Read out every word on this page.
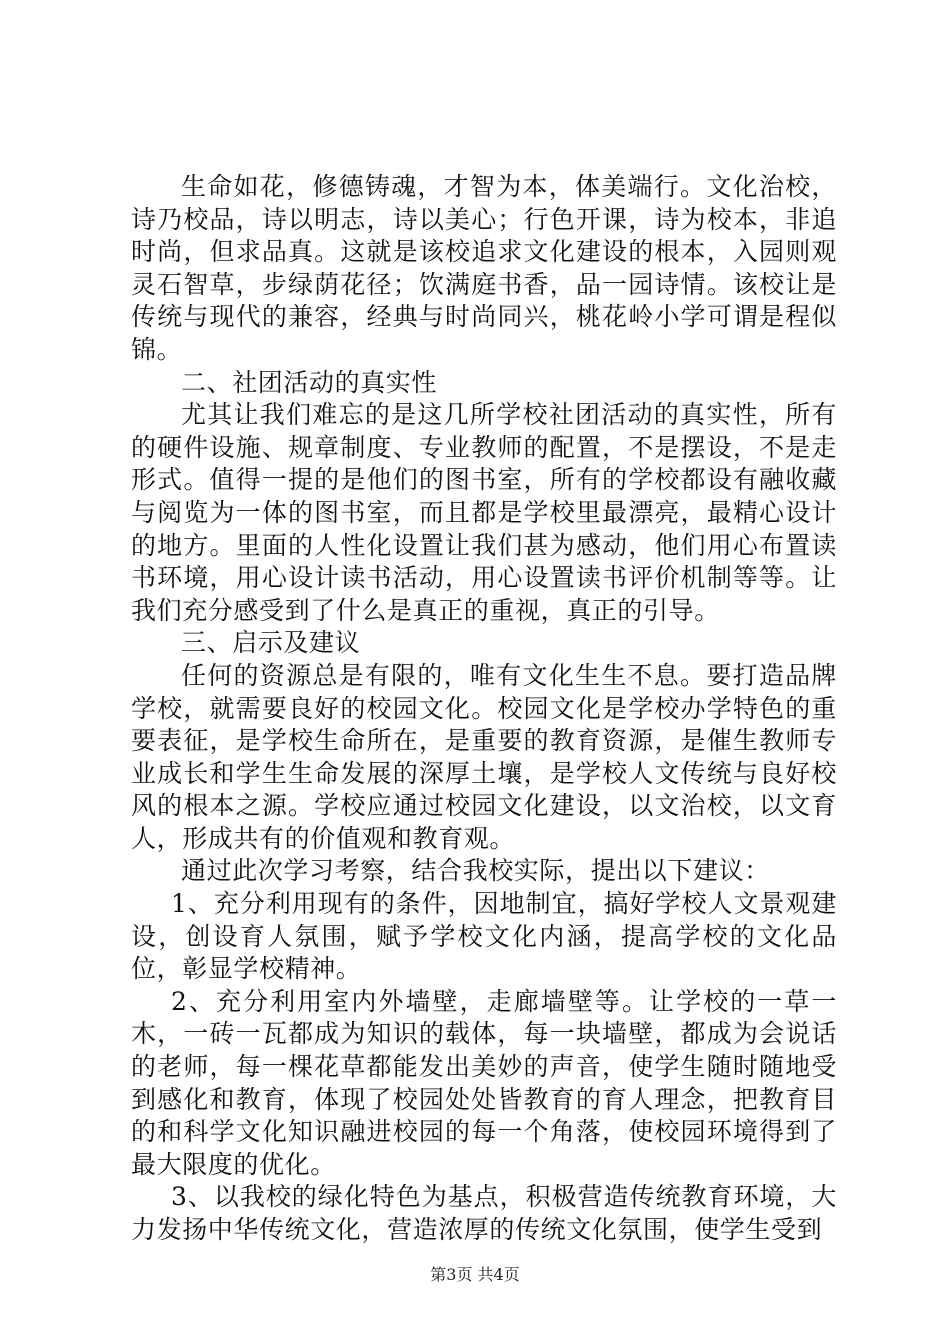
生命如花，修德铸魂，才智为本，体美端行。文化治校，诗乃校品，诗以明志，诗以美心；行色开课，诗为校本，非追时尚，但求品真。这就是该校追求文化建设的根本，入园则观灵石智草，步绿荫花径；饮满庭书香，品一园诗情。该校让是传统与现代的兼容，经典与时尚同兴，桃花岭小学可谓是程似锦。

二、社团活动的真实性

尤其让我们难忘的是这几所学校社团活动的真实性，所有的硬件设施、规章制度、专业教师的配置，不是摆设，不是走形式。值得一提的是他们的图书室，所有的学校都设有融收藏与阅览为一体的图书室，而且都是学校里最漂亮，最精心设计的地方。里面的人性化设置让我们甚为感动，他们用心布置读书环境，用心设计读书活动，用心设置读书评价机制等等。让我们充分感受到了什么是真正的重视，真正的引导。

三、启示及建议

任何的资源总是有限的，唯有文化生生不息。要打造品牌学校，就需要良好的校园文化。校园文化是学校办学特色的重要表征，是学校生命所在，是重要的教育资源，是催生教师专业成长和学生生命发展的深厚土壤，是学校人文传统与良好校风的根本之源。学校应通过校园文化建设，以文治校，以文育人，形成共有的价值观和教育观。

通过此次学习考察，结合我校实际，提出以下建议：

1、充分利用现有的条件，因地制宜，搞好学校人文景观建设，创设育人氛围，赋予学校文化内涵，提高学校的文化品位，彰显学校精神。

2、充分利用室内外墙壁，走廊墙壁等。让学校的一草一木，一砖一瓦都成为知识的载体，每一块墙壁，都成为会说话的老师，每一棵花草都能发出美妙的声音，使学生随时随地受到感化和教育，体现了校园处处皆教育的育人理念，把教育目的和科学文化知识融进校园的每一个角落，使校园环境得到了最大限度的优化。

3、以我校的绿化特色为基点，积极营造传统教育环境，大力发扬中华传统文化，营造浓厚的传统文化氛围，使学生受到

第3页 共4页
